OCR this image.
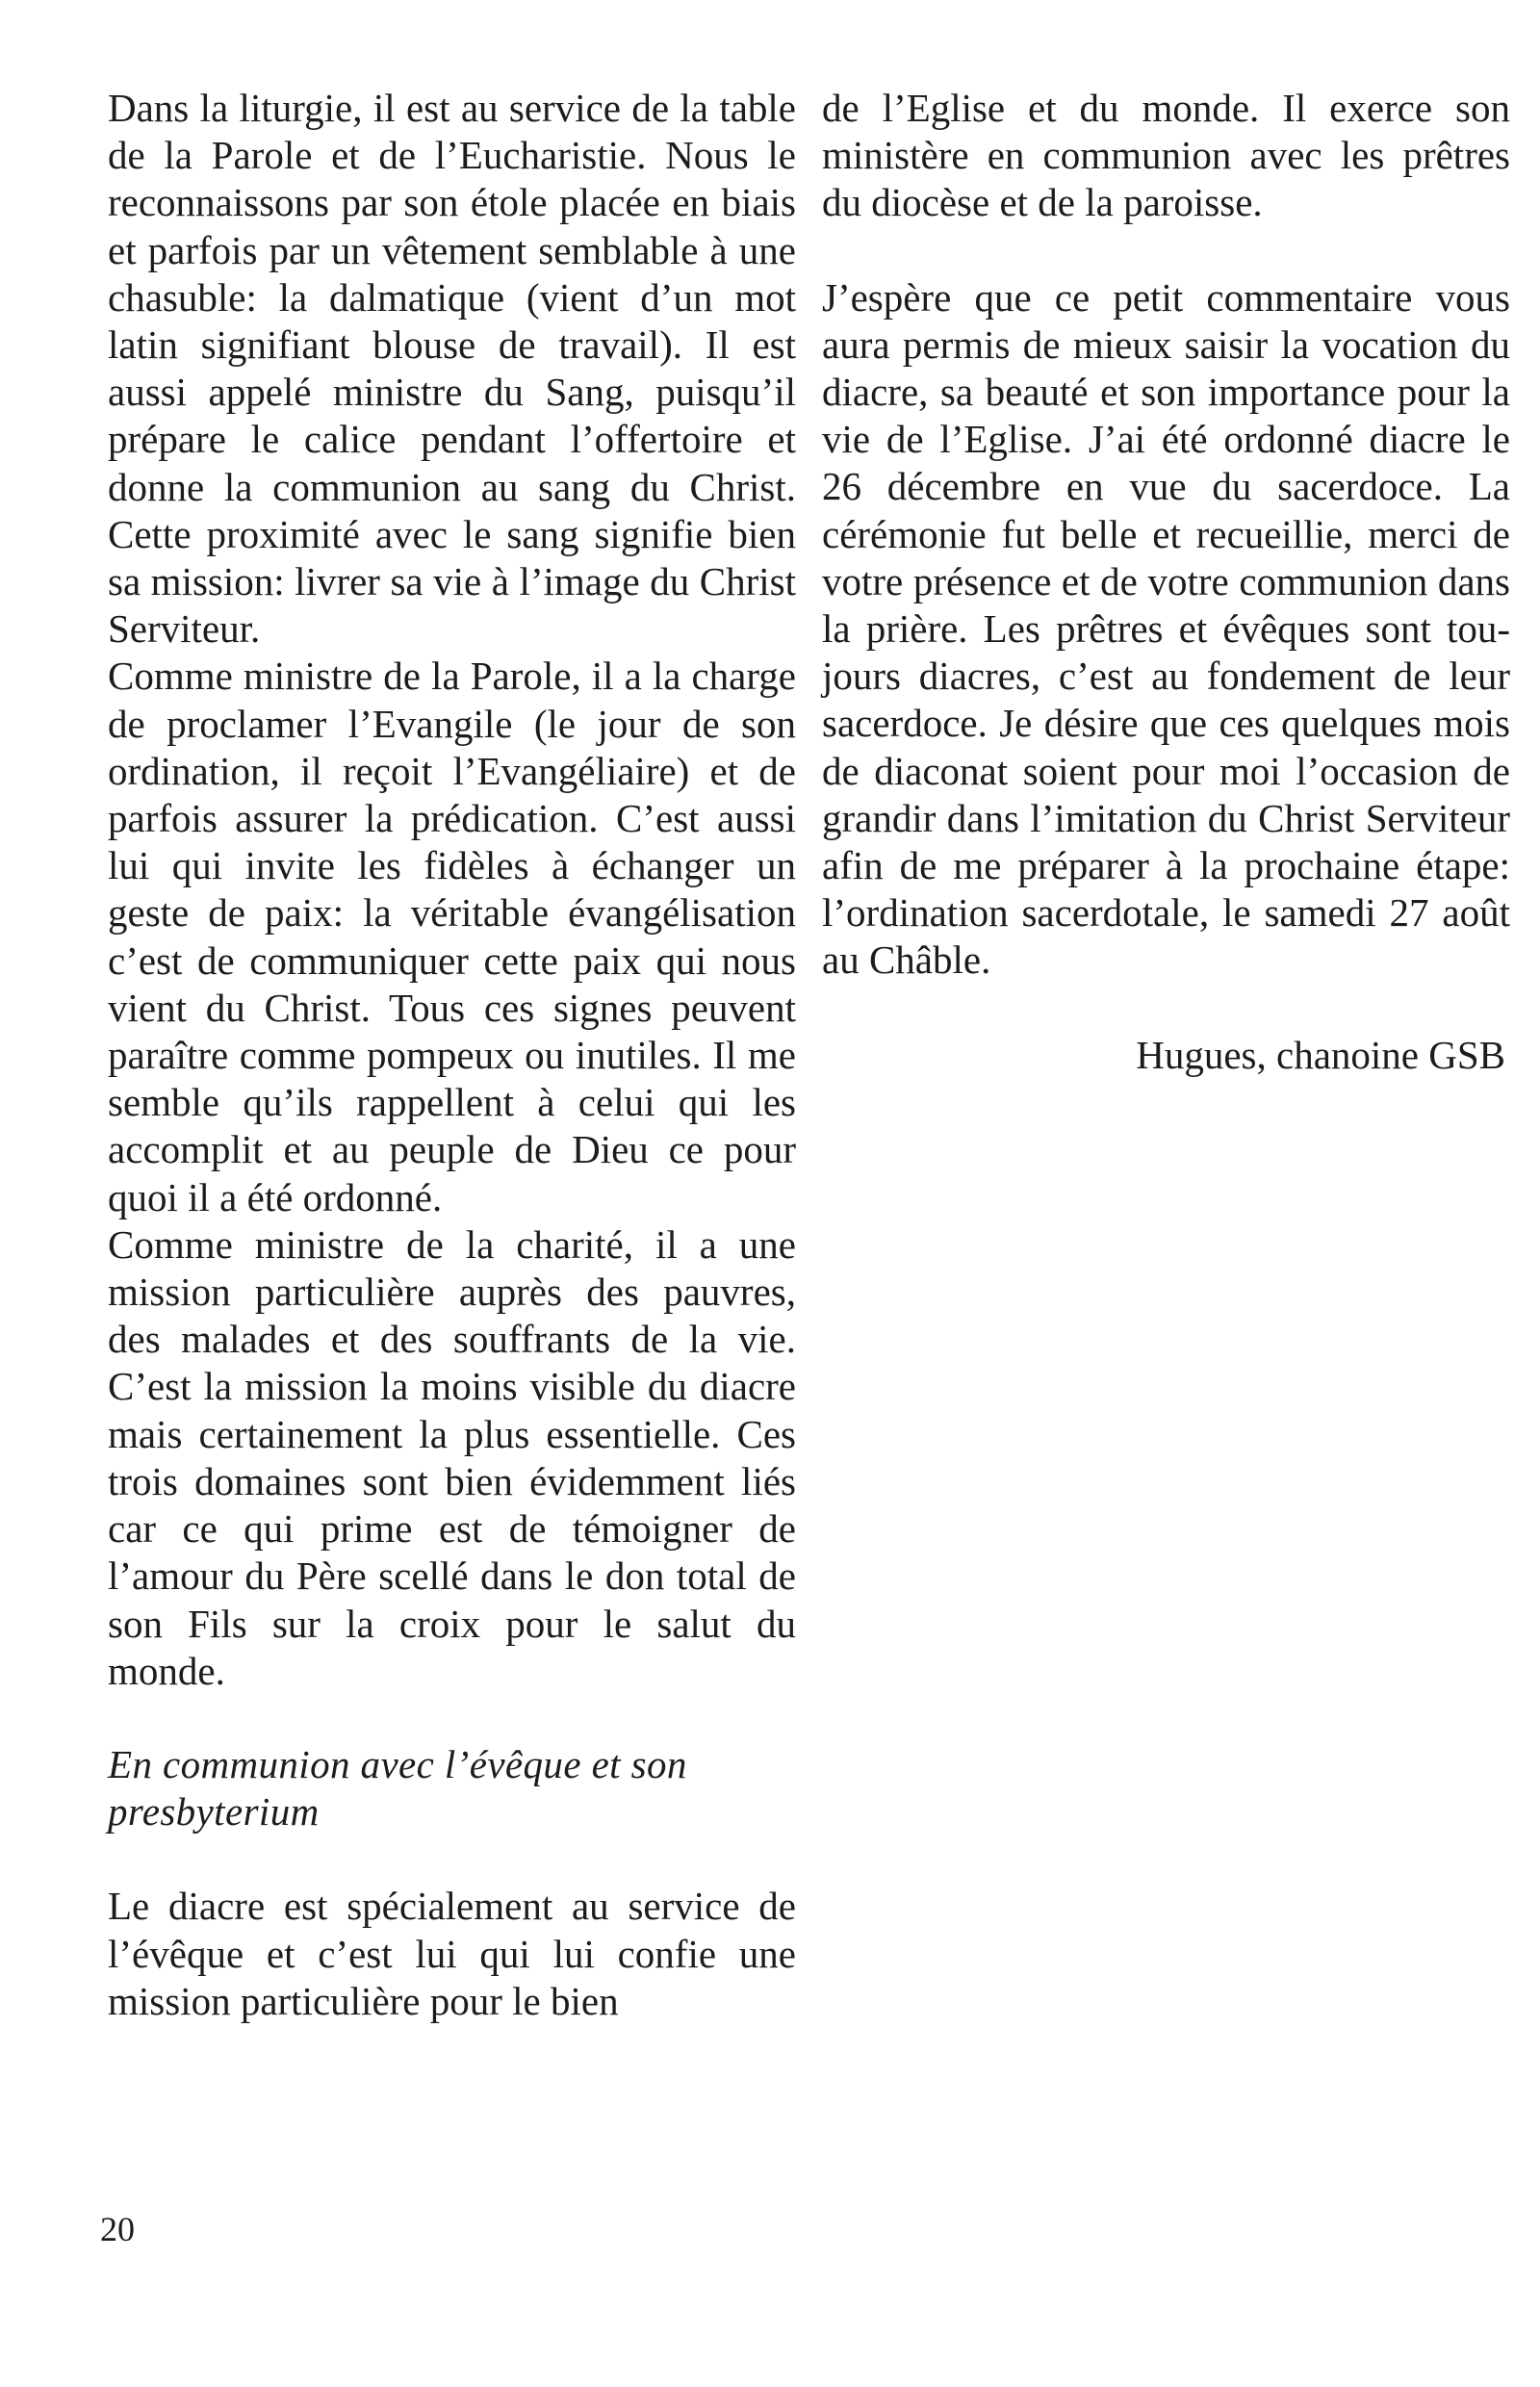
Dans la liturgie, il est au service de la table de la Parole et de l’Eucharistie. Nous le reconnaissons par son étole placée en biais et parfois par un vêtement semblable à une chasuble: la dalmatique (vient d’un mot latin signifiant blouse de travail). Il est aussi appelé ministre du Sang, puisqu’il prépare le calice pendant l’offertoire et donne la communion au sang du Christ. Cette proximité avec le sang signifie bien sa mission: livrer sa vie à l’image du Christ Serviteur.

Comme ministre de la Parole, il a la charge de proclamer l’Evangile (le jour de son ordination, il reçoit l’Evangéliaire) et de parfois assurer la prédication. C’est aussi lui qui invite les fidèles à échanger un geste de paix: la véritable évangélisation c’est de communiquer cette paix qui nous vient du Christ. Tous ces signes peuvent paraître comme pompeux ou inutiles. Il me semble qu’ils rappellent à celui qui les accomplit et au peuple de Dieu ce pour quoi il a été ordonné.

Comme ministre de la charité, il a une mission particulière auprès des pauvres, des malades et des souffrants de la vie. C’est la mission la moins visible du diacre mais certainement la plus essentielle. Ces trois domaines sont bien évidemment liés car ce qui prime est de témoigner de l’amour du Père scellé dans le don total de son Fils sur la croix pour le salut du monde.

En communion avec l’évêque et son presbyterium

Le diacre est spécialement au service de l’évêque et c’est lui qui lui confie une mission particulière pour le bien

de l’Eglise et du monde. Il exerce son ministère en communion avec les prêtres du diocèse et de la paroisse.

J’espère que ce petit commentaire vous aura permis de mieux saisir la vocation du diacre, sa beauté et son importance pour la vie de l’Eglise. J’ai été ordonné diacre le 26 décembre en vue du sacerdoce. La cérémonie fut belle et recueillie, merci de votre présence et de votre communion dans la prière. Les prêtres et évêques sont toujours diacres, c’est au fondement de leur sacerdoce. Je désire que ces quelques mois de diaconat soient pour moi l’occasion de grandir dans l’imitation du Christ Serviteur afin de me préparer à la prochaine étape: l’ordination sacerdotale, le samedi 27 août au Châble.

Hugues, chanoine GSB

20
